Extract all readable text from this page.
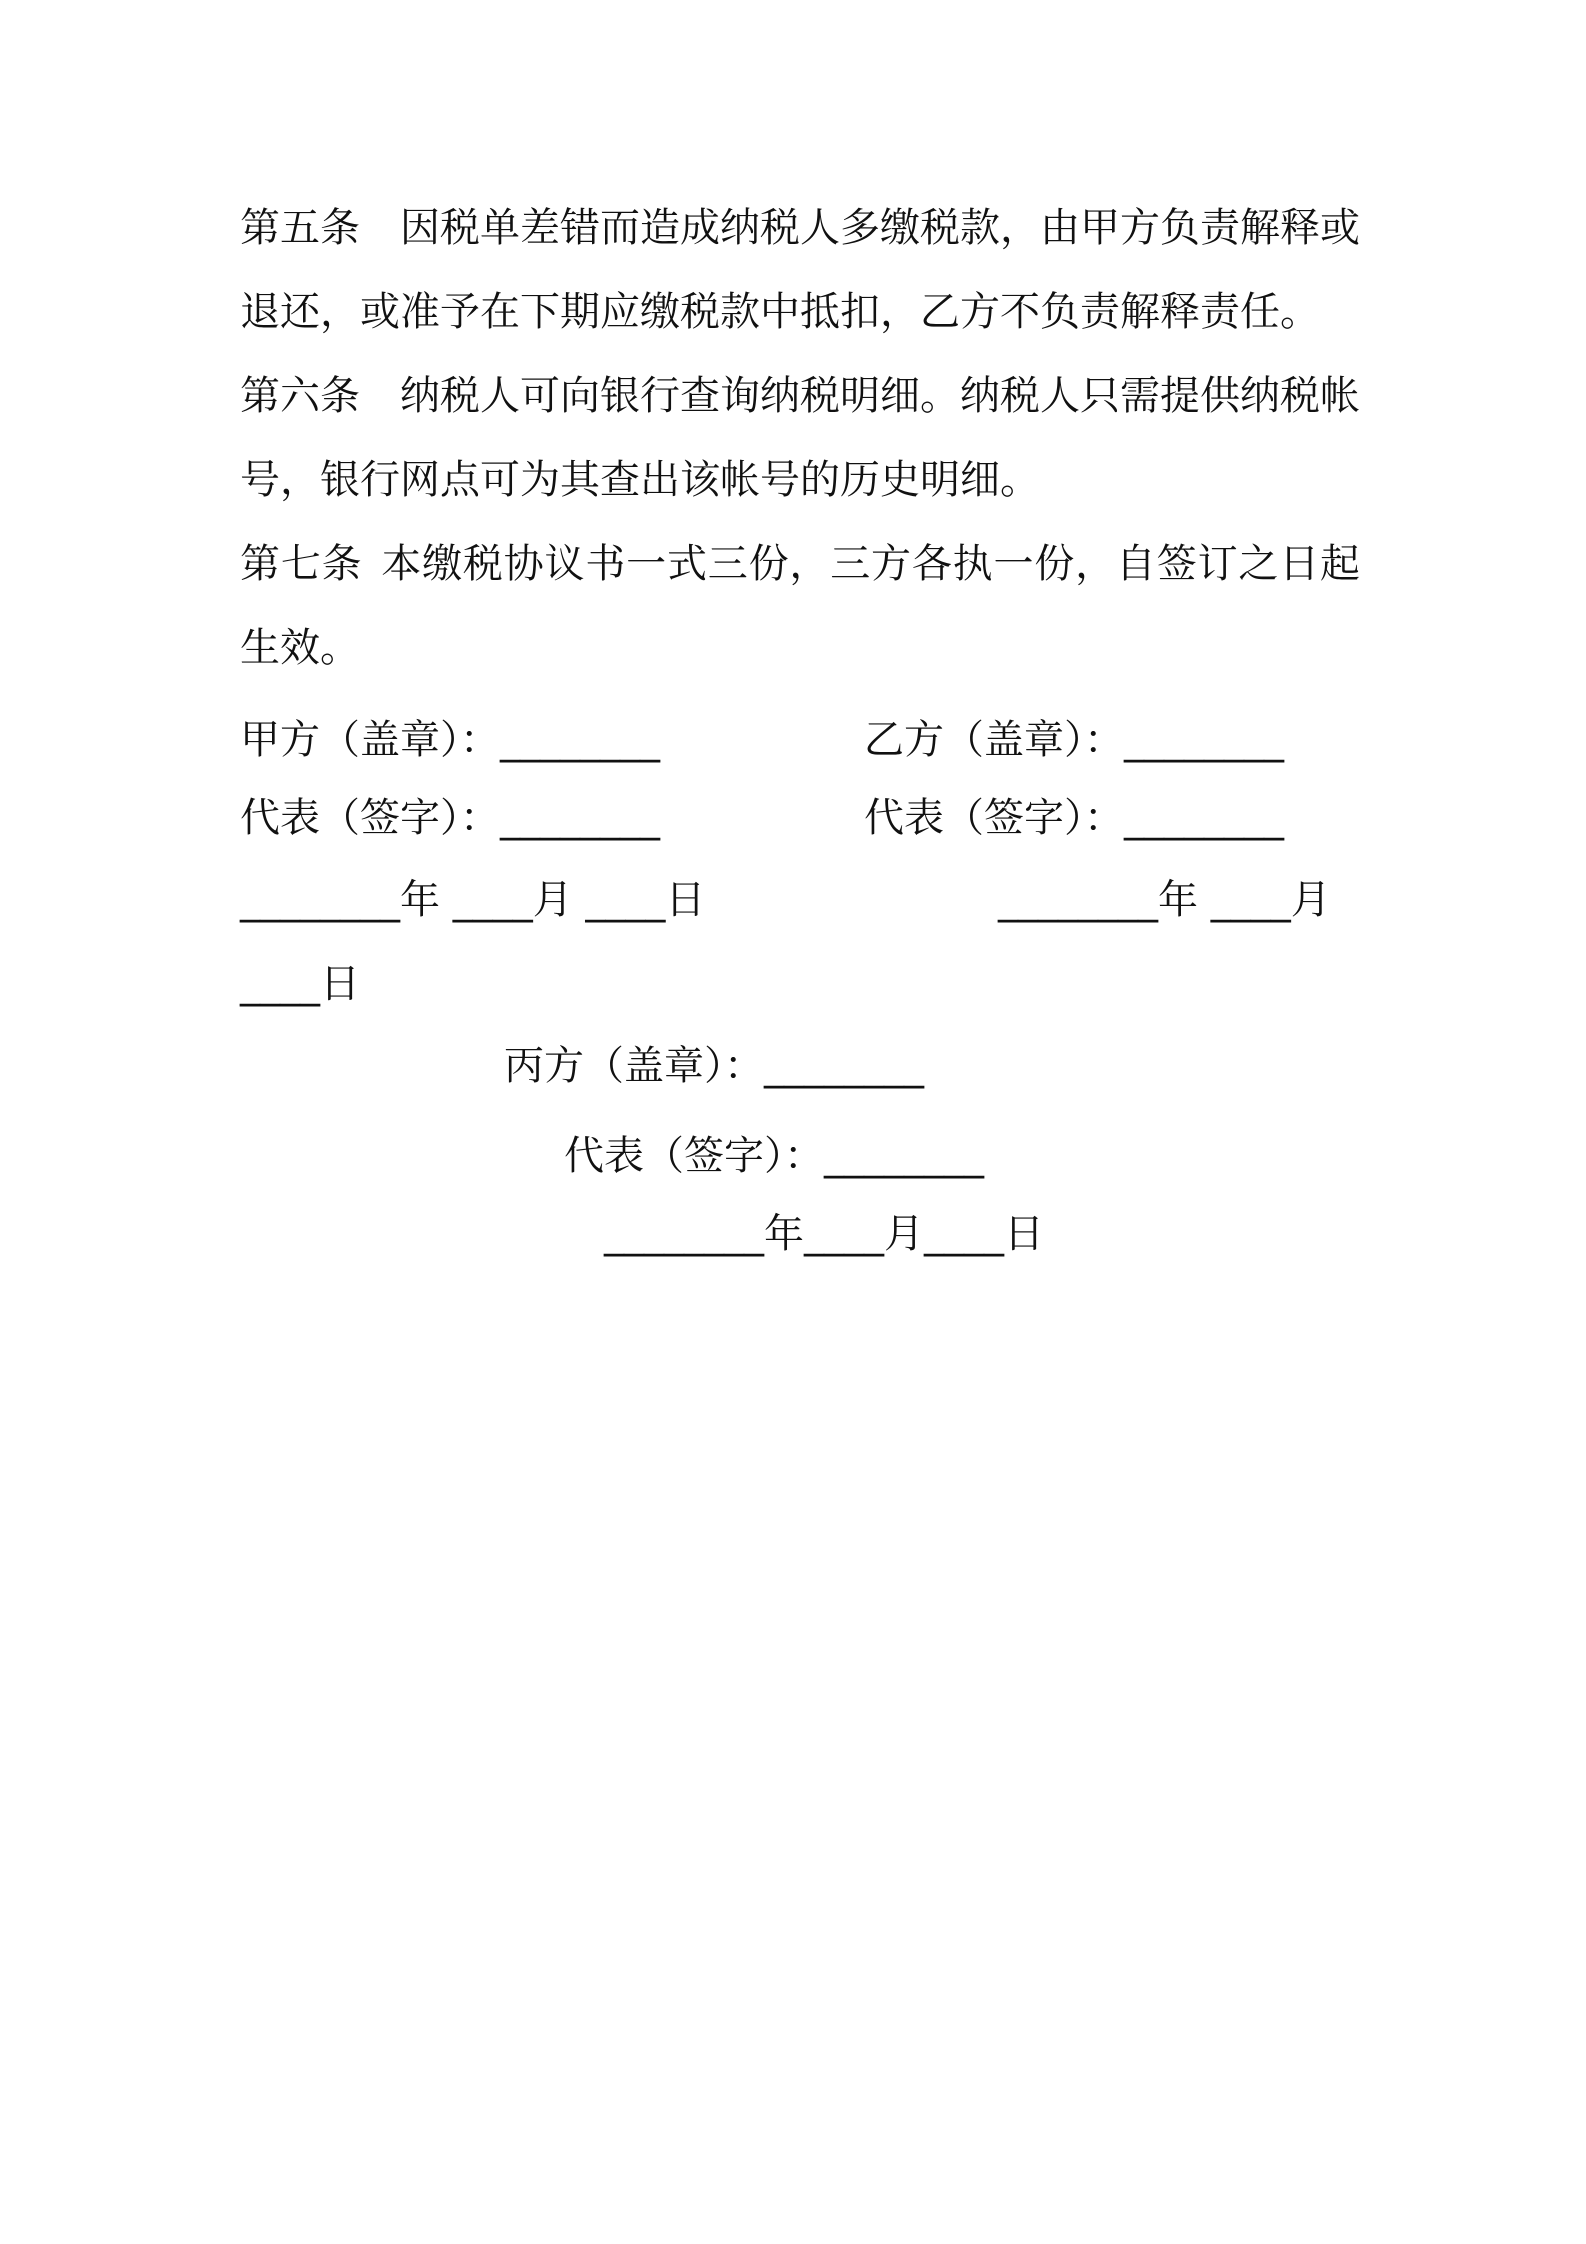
第五条 因税单差错而造成纳税人多缴税款，由甲方负责解释或退还，或准予在下期应缴税款中抵扣，乙方不负责解释责任。
第六条 纳税人可向银行查询纳税明细。纳税人只需提供纳税帐号，银行网点可为其查出该帐号的历史明细。
第七条 本缴税协议书一式三份，三方各执一份，自签订之日起生效。
甲方（盖章）：________	乙方（盖章）：________
代表（签字）：________	代表（签字）：________
________年 ____月 ____日	________年 ____月
____日
丙方（盖章）：________
代表（签字）：________
________年____月____日
